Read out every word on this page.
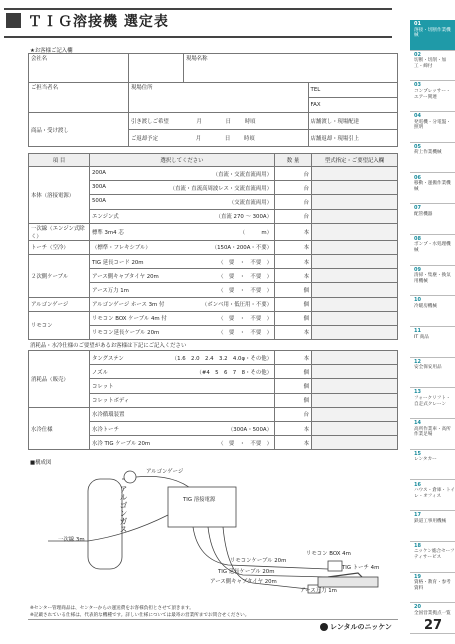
ＴＩＧ溶接機 選定表	01
溶接・切断作業機械
02
切断・切削・加工・締付
03
コンプレッサー・エアー関連
04
発電機・分電盤・照明
05
荷上作業機械
06
移動・運搬作業機械
07
配管機器
08
ポンプ・水処理機械
09
清掃・集塵・換気用機械
10
冷暖房機械
11
IT 商品
12
安全保安用品
13
フォークリフト・自走式クレーン
14
高所作業車・高所作業足場
15
レンタカー
16
ハウス・倉庫・トイレ・オフィス
17
鉄道工事用機械
18
ニッケン総合セーフティサービス
19
資格・教育・参考資料
20
全国営業拠点一覧
★お客様ご記入欄
会社名		現場名称	
ご担当者名	現場住所		TEL
			FAX
商品・受け渡し	引き渡しご希望 月 日 時頃		店舗渡し・現場配達
	ご返却予定 月 日 時頃		店舗返却・現場引上
項 目	選択してください	数 量	型式指定・ご要望記入欄
本体（溶接電源）	200A （直流・交流直流両用）	台	
	300A （直流・直流高周波レス・交流直流両用）	台	
	500A （交流直流両用）	台	
	エンジン式 （直流 270 ～ 300A）	台	
一次線（エンジン式除く）	標準 3m4 芯 （　　　m）	本	
トーチ（空冷）	（標準・フレキシブル） （150A・200A・不要）	本	
２次側ケーブル	TIG 延長コード 20m （　要　・　不要　）	本	
	アース側キャブタイヤ 20m （　要　・　不要　）	本	
	アース万力 1m （　要　・　不要　）	個	
アルゴンゲージ	アルゴンゲージ ホース 3m 付 （ボンベ用・低圧用・不要）	個	
リモコン	リモコン BOX ケーブル 4m 付 （　要　・　不要　）	個	
	リモコン延長ケーブル 20m （　要　・　不要　）	本	
消耗品・水冷仕様のご要望があるお客様は下記にご記入ください
消耗品（販売）	タングステン （1.6　2.0　2.4　3.2　4.0φ・その他）	本	
	ノズル （#4　5　6　7　8・その他）	個	
	コレット	個	
	コレットボディ	個	
水冷仕様	水冷循環装置	台	
	水冷トーチ （300A・500A）	本	
	水冷 TIG ケーブル 20m （　要　・　不要　）	本	
■構成図
アルゴンゲージ
アルゴンガス	TIG 溶接電源
一次線 3m
リモコンケーブル 20m
リモコン BOX 4m
TIG 延長ケーブル 20m
TIG トーチ 4m
アース側キャブタイヤ 20m
アース万力 1m
※センター管理商品は、センターからの運送費をお客様負担とさせて頂きます。
※記載されている仕様は、代表的な機種です。詳しい仕様については最寄の営業所までお問合せください。
レンタルのニッケン 27
